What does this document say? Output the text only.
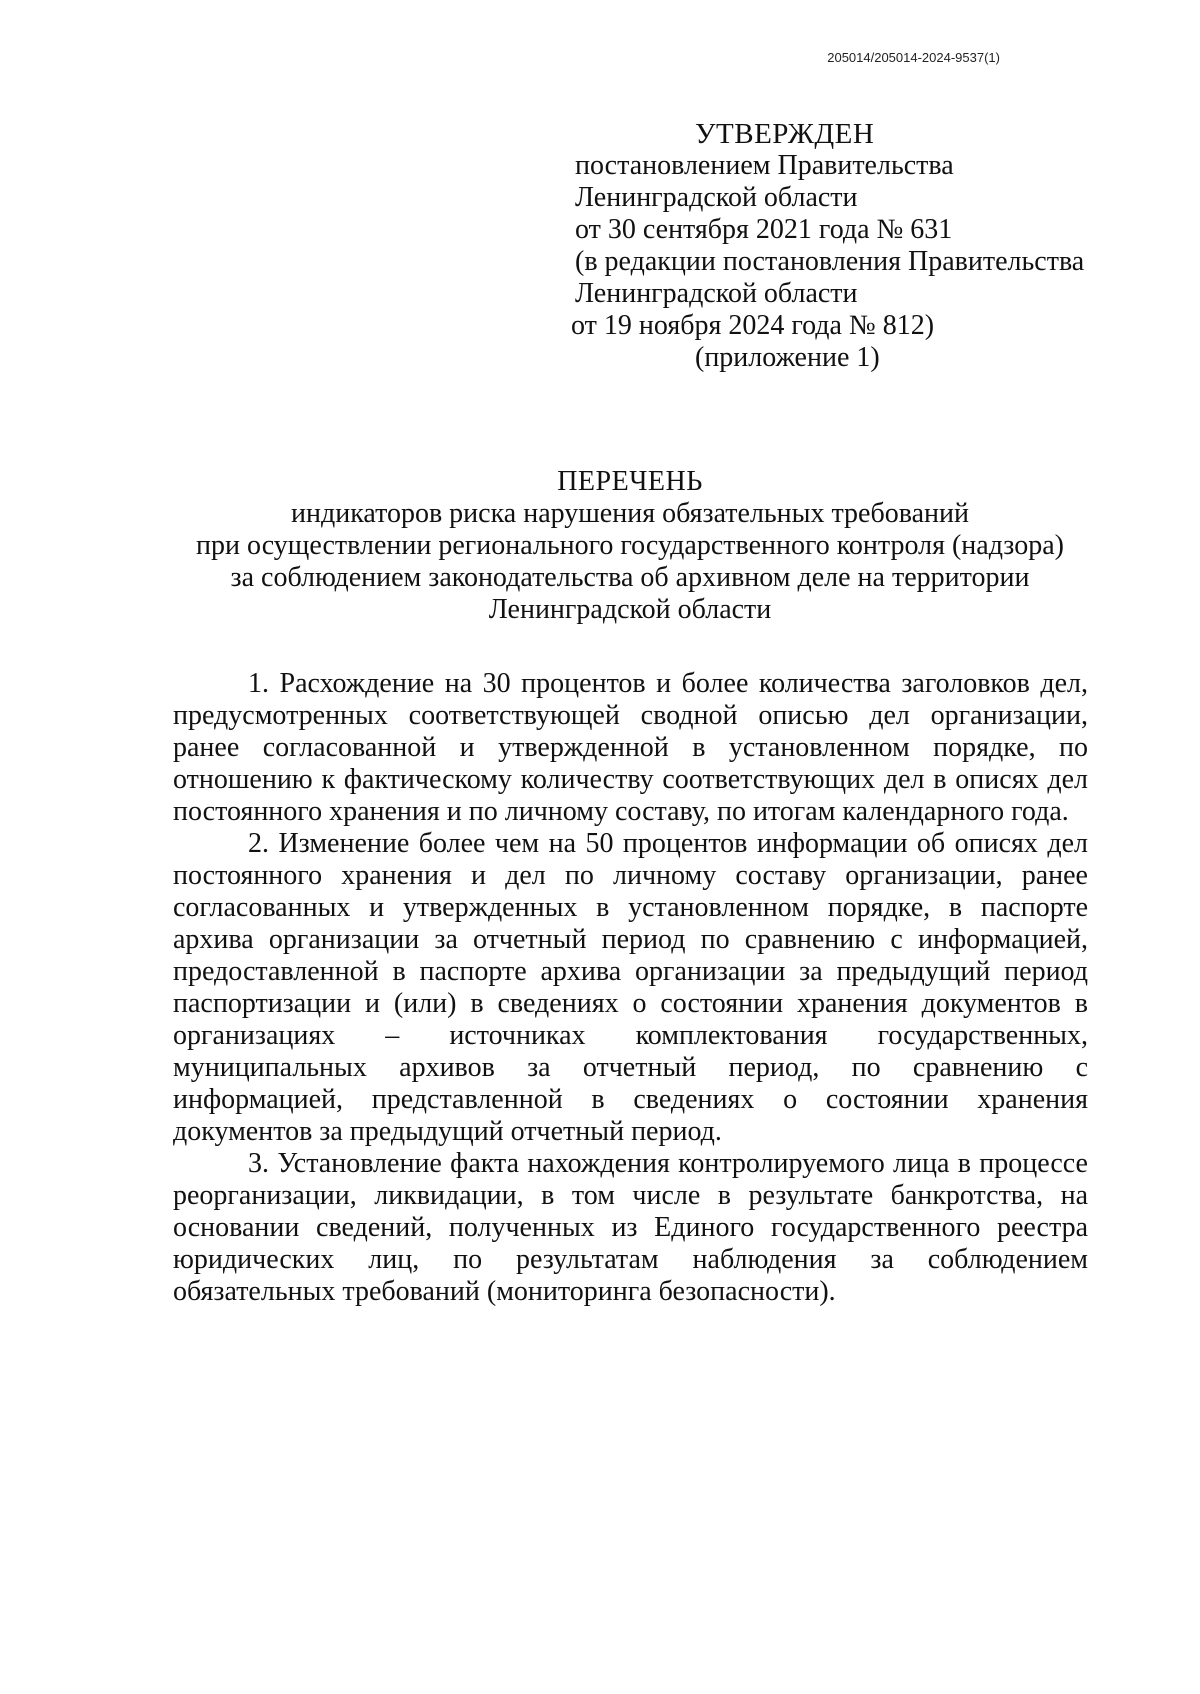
205014/205014-2024-9537(1)
УТВЕРЖДЕН
постановлением Правительства
Ленинградской области
от 30 сентября 2021 года № 631
(в редакции постановления Правительства
Ленинградской области
от 19 ноября 2024 года № 812)
(приложение 1)
ПЕРЕЧЕНЬ
индикаторов риска нарушения обязательных требований
при осуществлении регионального государственного контроля (надзора)
за соблюдением законодательства об архивном деле на территории
Ленинградской области

1. Расхождение на 30 процентов и более количества заголовков дел, предусмотренных соответствующей сводной описью дел организации, ранее согласованной и утвержденной в установленном порядке, по отношению к фактическому количеству соответствующих дел в описях дел постоянного хранения и по личному составу, по итогам календарного года.

2. Изменение более чем на 50 процентов информации об описях дел постоянного хранения и дел по личному составу организации, ранее согласованных и утвержденных в установленном порядке, в паспорте архива организации за отчетный период по сравнению с информацией, предоставленной в паспорте архива организации за предыдущий период паспортизации и (или) в сведениях о состоянии хранения документов в организациях – источниках комплектования государственных, муниципальных архивов за отчетный период, по сравнению с информацией, представленной в сведениях о состоянии хранения документов за предыдущий отчетный период.

3. Установление факта нахождения контролируемого лица в процессе реорганизации, ликвидации, в том числе в результате банкротства, на основании сведений, полученных из Единого государственного реестра юридических лиц, по результатам наблюдения за соблюдением обязательных требований (мониторинга безопасности).
